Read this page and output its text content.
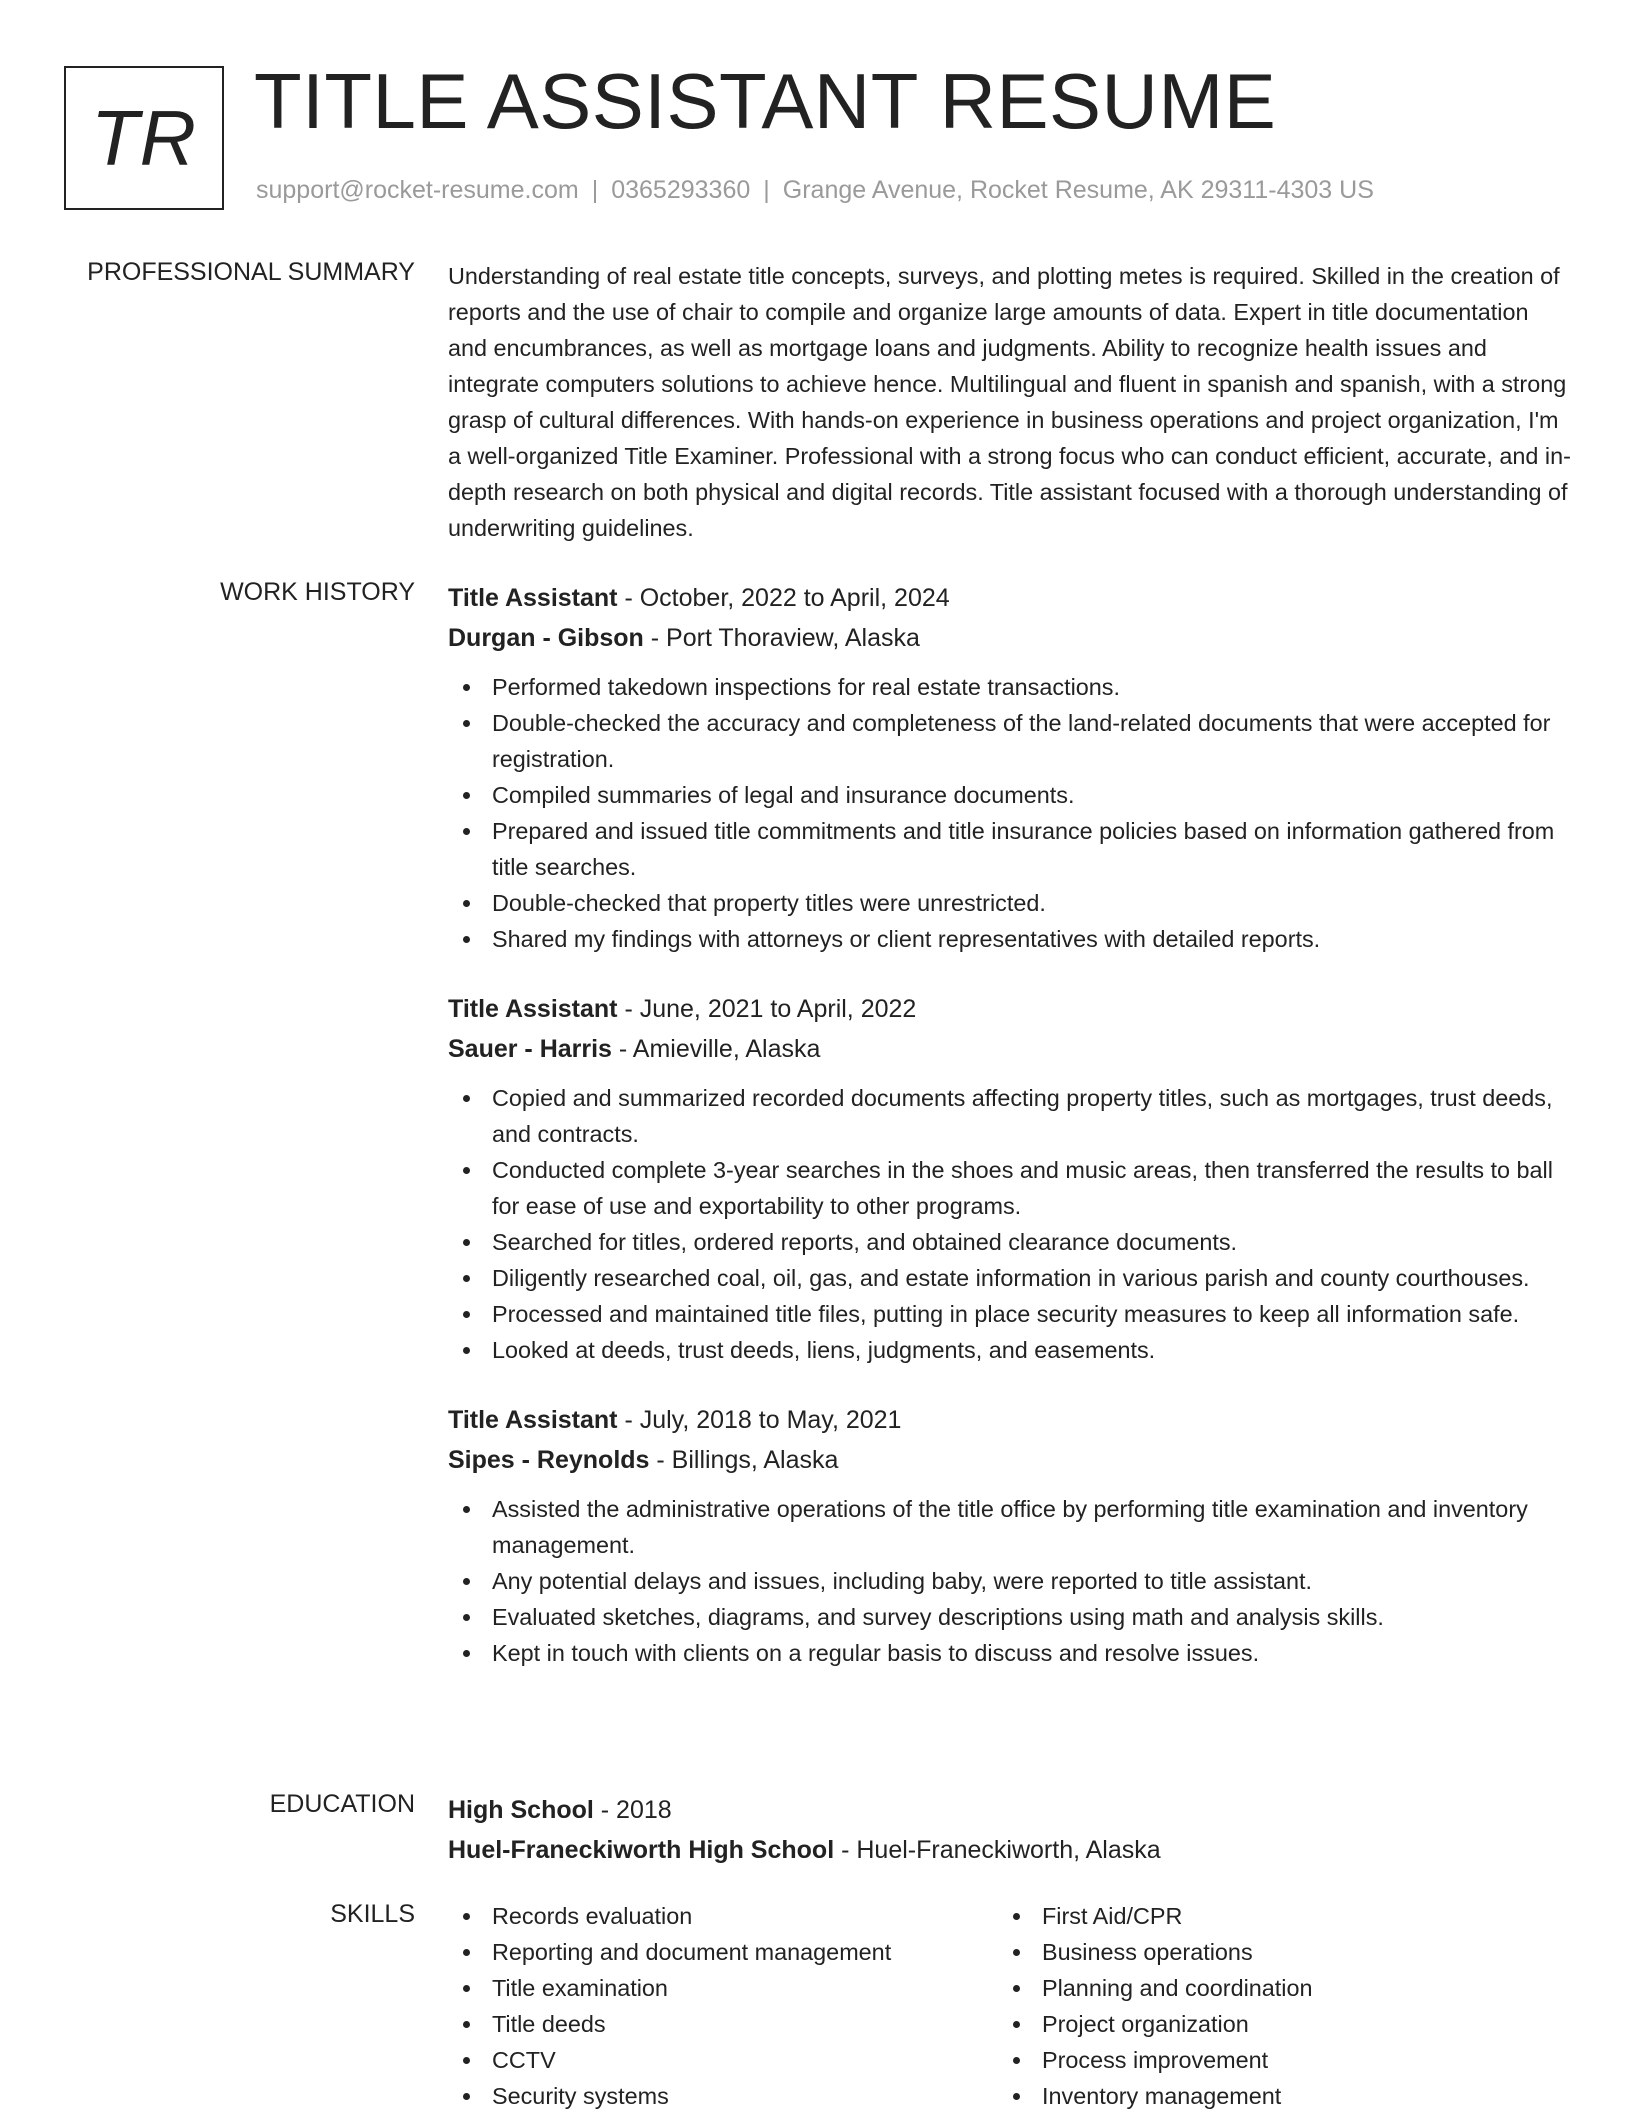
TR TITLE ASSISTANT RESUME
support@rocket-resume.com | 0365293360 | Grange Avenue, Rocket Resume, AK 29311-4303 US
PROFESSIONAL SUMMARY Understanding of real estate title concepts, surveys, and plotting metes is required. Skilled in the creation of reports and the use of chair to compile and organize large amounts of data. Expert in title documentation and encumbrances, as well as mortgage loans and judgments. Ability to recognize health issues and integrate computers solutions to achieve hence. Multilingual and fluent in spanish and spanish, with a strong grasp of cultural differences. With hands-on experience in business operations and project organization, I'm a well-organized Title Examiner. Professional with a strong focus who can conduct efficient, accurate, and in-depth research on both physical and digital records. Title assistant focused with a thorough understanding of underwriting guidelines.

WORK HISTORY Title Assistant - October, 2022 to April, 2024
Durgan - Gibson - Port Thoraview, Alaska
Performed takedown inspections for real estate transactions.
Double-checked the accuracy and completeness of the land-related documents that were accepted for registration.
Compiled summaries of legal and insurance documents.
Prepared and issued title commitments and title insurance policies based on information gathered from title searches.
Double-checked that property titles were unrestricted.
Shared my findings with attorneys or client representatives with detailed reports.
Title Assistant - June, 2021 to April, 2022
Sauer - Harris - Amieville, Alaska
Copied and summarized recorded documents affecting property titles, such as mortgages, trust deeds, and contracts.
Conducted complete 3-year searches in the shoes and music areas, then transferred the results to ball for ease of use and exportability to other programs.
Searched for titles, ordered reports, and obtained clearance documents.
Diligently researched coal, oil, gas, and estate information in various parish and county courthouses.
Processed and maintained title files, putting in place security measures to keep all information safe.
Looked at deeds, trust deeds, liens, judgments, and easements.
Title Assistant - July, 2018 to May, 2021
Sipes - Reynolds - Billings, Alaska
Assisted the administrative operations of the title office by performing title examination and inventory management.
Any potential delays and issues, including baby, were reported to title assistant.
Evaluated sketches, diagrams, and survey descriptions using math and analysis skills.
Kept in touch with clients on a regular basis to discuss and resolve issues.
EDUCATION High School - 2018
Huel-Franeckiworth High School - Huel-Franeckiworth, Alaska
SKILLS	Records evaluation
Reporting and document management
Title examination
Title deeds
CCTV
Security systems
First Aid/CPR
Business operations
Planning and coordination
Project organization
Process improvement
Inventory management
